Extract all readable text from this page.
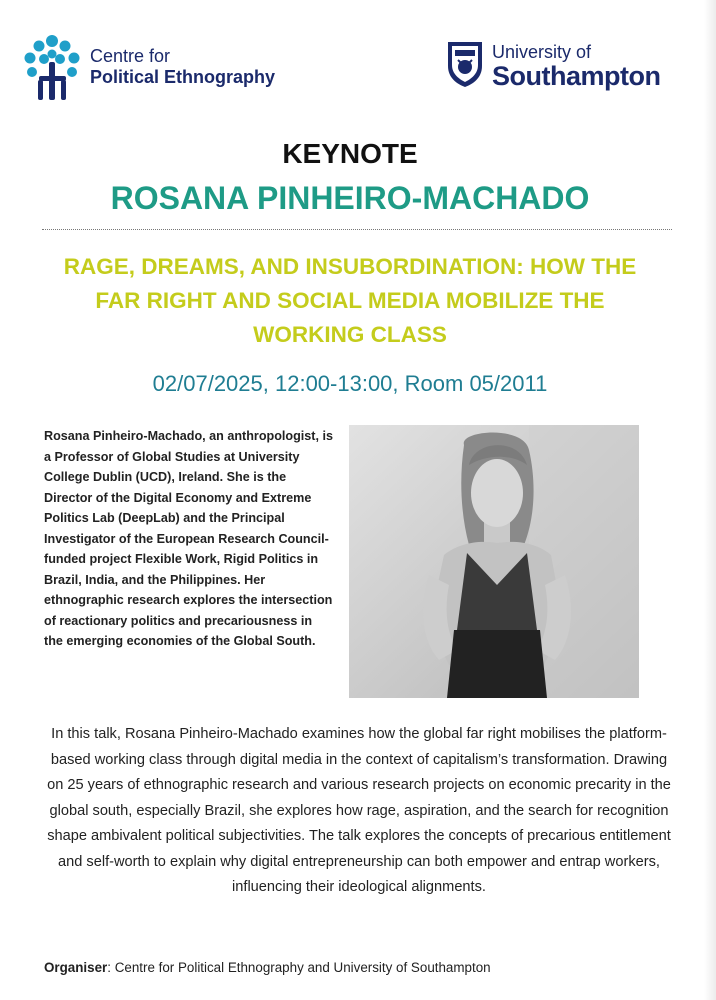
Centre for
Political Ethnography
University of
Southampton
KEYNOTE
ROSANA PINHEIRO-MACHADO
RAGE, DREAMS, AND INSUBORDINATION: HOW THE FAR RIGHT AND SOCIAL MEDIA MOBILIZE THE WORKING CLASS
02/07/2025, 12:00-13:00, Room 05/2011
Rosana Pinheiro-Machado, an anthropologist, is a Professor of Global Studies at University College Dublin (UCD), Ireland. She is the Director of the Digital Economy and Extreme Politics Lab (DeepLab) and the Principal Investigator of the European Research Council- funded project Flexible Work, Rigid Politics in Brazil, India, and the Philippines. Her ethnographic research explores the intersection of reactionary politics and precariousness in the emerging economies of the Global South.
In this talk, Rosana Pinheiro-Machado examines how the global far right mobilises the platform-based working class through digital media in the context of capitalism’s transformation. Drawing on 25 years of ethnographic research and various research projects on economic precarity in the global south, especially Brazil, she explores how rage, aspiration, and the search for recognition shape ambivalent political subjectivities. The talk explores the concepts of precarious entitlement and self-worth to explain why digital entrepreneurship can both empower and entrap workers, influencing their ideological alignments.
Organiser: Centre for Political Ethnography and University of Southampton
